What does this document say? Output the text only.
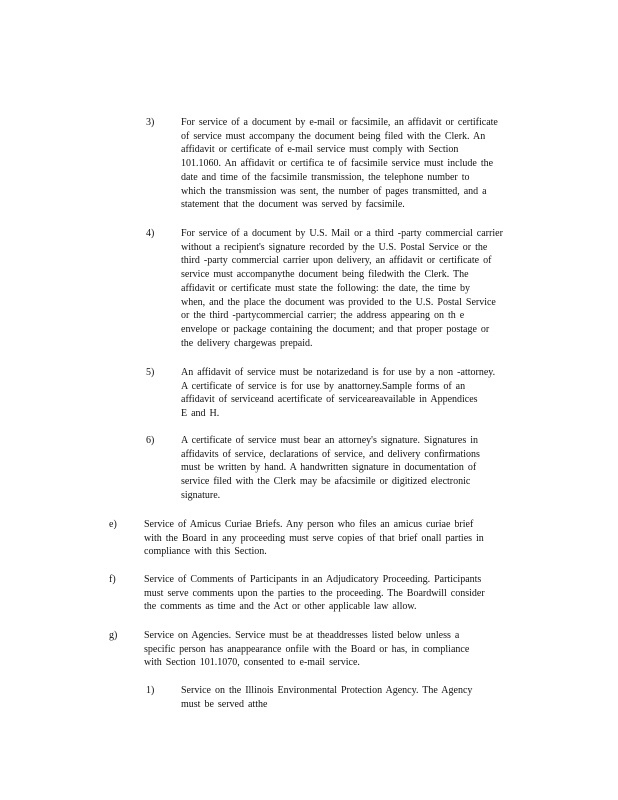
3)	For service of a document by e-mail or facsimile, an affidavit or certificate
of service must accompany the document being filed with the Clerk. An
affidavit or certificate of e-mail service must comply with Section
101.1060. An affidavit or certifica te of facsimile service must include the
date and time of the facsimile transmission, the telephone number to
which the transmission was sent, the number of pages transmitted, and a
statement that the document was served by facsimile.
4)	For service of a document by U.S. Mail or a third -party commercial carrier
without a recipient's signature recorded by the U.S. Postal Service or the
third -party commercial carrier upon delivery, an affidavit or certificate of
service must accompanythe document being filedwith the Clerk. The
affidavit or certificate must state the following: the date, the time by
when, and the place the document was provided to the U.S. Postal Service
or the third -partycommercial carrier; the address appearing on th e
envelope or package containing the document; and that proper postage or
the delivery chargewas prepaid.
5)	An affidavit of service must be notarizedand is for use by a non -attorney.
A certificate of service is for use by anattorney.Sample forms of an
affidavit of serviceand acertificate of serviceareavailable in Appendices
E and H.
6)	A certificate of service must bear an attorney's signature. Signatures in
affidavits of service, declarations of service, and delivery confirmations
must be written by hand. A handwritten signature in documentation of
service filed with the Clerk may be afacsimile or digitized electronic
signature.
e)	Service of Amicus Curiae Briefs. Any person who files an amicus curiae brief
with the Board in any proceeding must serve copies of that brief onall parties in
compliance with this Section.
f)	Service of Comments of Participants in an Adjudicatory Proceeding. Participants
must serve comments upon the parties to the proceeding. The Boardwill consider
the comments as time and the Act or other applicable law allow.
g)	Service on Agencies. Service must be at theaddresses listed below unless a
specific person has anappearance onfile with the Board or has, in compliance
with Section 101.1070, consented to e-mail service.
1)	Service on the Illinois Environmental Protection Agency. The Agency
must be served atthe
